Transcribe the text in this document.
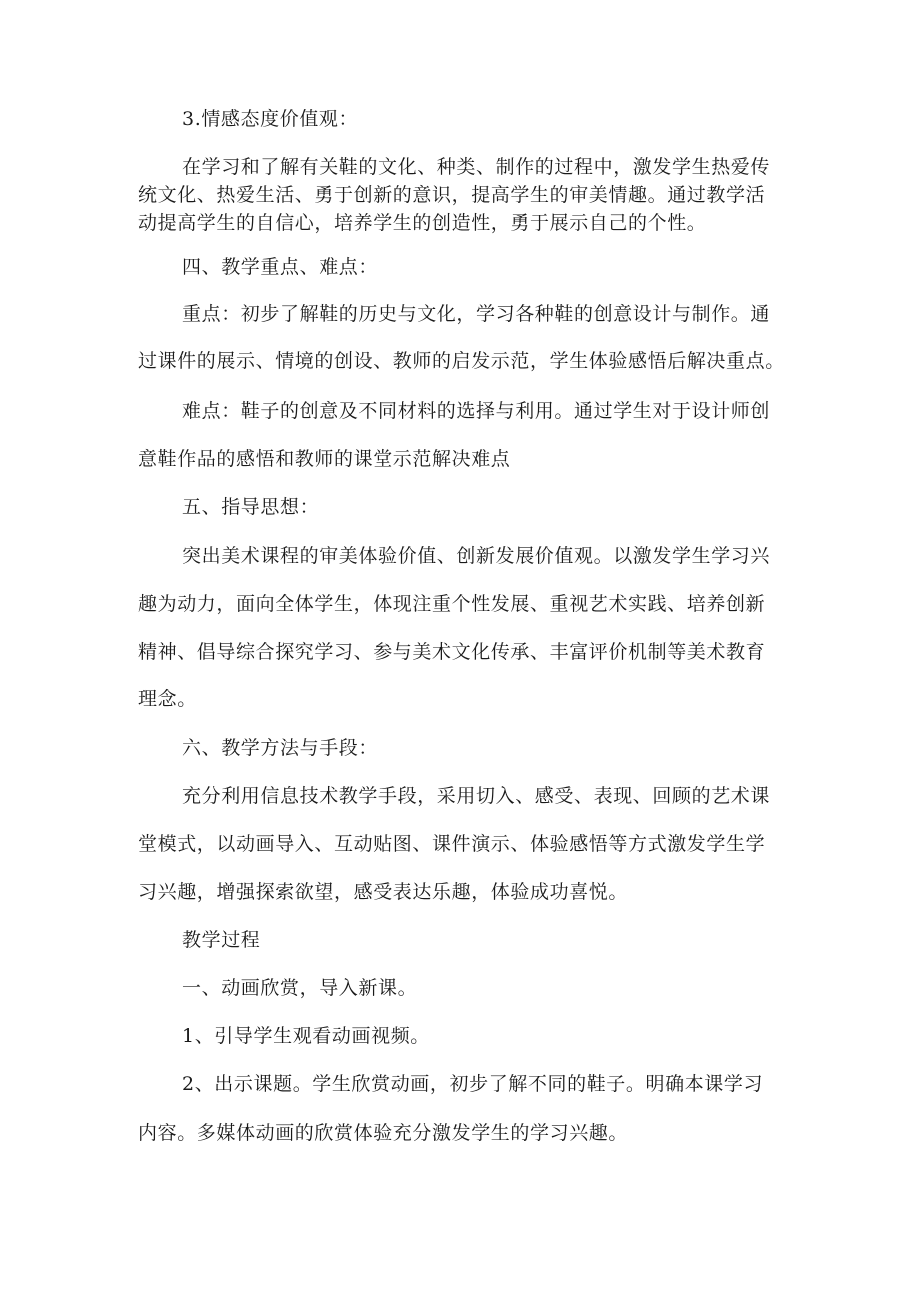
3.情感态度价值观：
在学习和了解有关鞋的文化、种类、制作的过程中，激发学生热爱传
统文化、热爱生活、勇于创新的意识，提高学生的审美情趣。通过教学活
动提高学生的自信心，培养学生的创造性，勇于展示自己的个性。
四、教学重点、难点：
重点：初步了解鞋的历史与文化，学习各种鞋的创意设计与制作。通
过课件的展示、情境的创设、教师的启发示范，学生体验感悟后解决重点。
难点：鞋子的创意及不同材料的选择与利用。通过学生对于设计师创
意鞋作品的感悟和教师的课堂示范解决难点
五、指导思想：
突出美术课程的审美体验价值、创新发展价值观。以激发学生学习兴
趣为动力，面向全体学生，体现注重个性发展、重视艺术实践、培养创新
精神、倡导综合探究学习、参与美术文化传承、丰富评价机制等美术教育
理念。
六、教学方法与手段：
充分利用信息技术教学手段，采用切入、感受、表现、回顾的艺术课
堂模式，以动画导入、互动贴图、课件演示、体验感悟等方式激发学生学
习兴趣，增强探索欲望，感受表达乐趣，体验成功喜悦。
教学过程
一、动画欣赏，导入新课。
1、引导学生观看动画视频。
2、出示课题。学生欣赏动画，初步了解不同的鞋子。明确本课学习
内容。多媒体动画的欣赏体验充分激发学生的学习兴趣。
